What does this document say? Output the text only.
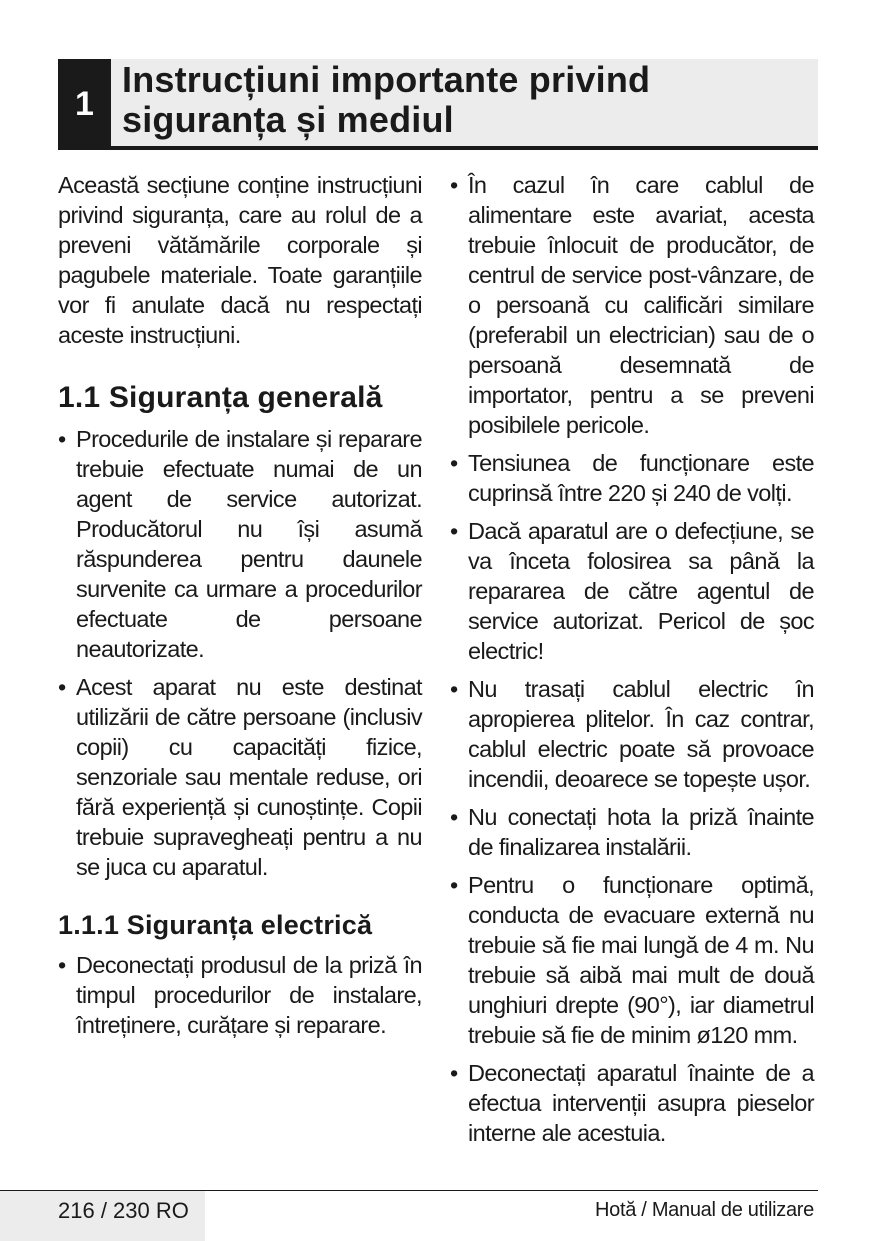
1
Instrucțiuni importante privind siguranța și mediul

Această secțiune conține instrucțiuni privind siguranța, care au rolul de a preveni vătămările corporale și pagubele materiale. Toate garanțiile vor fi anulate dacă nu respectați aceste instrucțiuni.

1.1 Siguranța generală
• Procedurile de instalare și reparare trebuie efectuate numai de un agent de service autorizat. Producătorul nu își asumă răspunderea pentru daunele survenite ca urmare a procedurilor efectuate de persoane neautorizate.
• Acest aparat nu este destinat utilizării de către persoane (inclusiv copii) cu capacități fizice, senzoriale sau mentale reduse, ori fără experiență și cunoștințe. Copii trebuie supravegheați pentru a nu se juca cu aparatul.
1.1.1 Siguranța electrică
• Deconectați produsul de la priză în timpul procedurilor de instalare, întreținere, curățare și reparare.
• În cazul în care cablul de alimentare este avariat, acesta trebuie înlocuit de producător, de centrul de service post-vânzare, de o persoană cu calificări similare (preferabil un electrician) sau de o persoană desemnată de importator, pentru a se preveni posibilele pericole.
• Tensiunea de funcționare este cuprinsă între 220 și 240 de volți.
• Dacă aparatul are o defecțiune, se va înceta folosirea sa până la repararea de către agentul de service autorizat. Pericol de șoc electric!
• Nu trasați cablul electric în apropierea plitelor. În caz contrar, cablul electric poate să provoace incendii, deoarece se topește ușor.
• Nu conectați hota la priză înainte de finalizarea instalării.
• Pentru o funcționare optimă, conducta de evacuare externă nu trebuie să fie mai lungă de 4 m. Nu trebuie să aibă mai mult de două unghiuri drepte (90°), iar diametrul trebuie să fie de minim ø120 mm.
• Deconectați aparatul înainte de a efectua intervenții asupra pieselor interne ale acestuia.
216 / 230 RO	Hotă / Manual de utilizare
